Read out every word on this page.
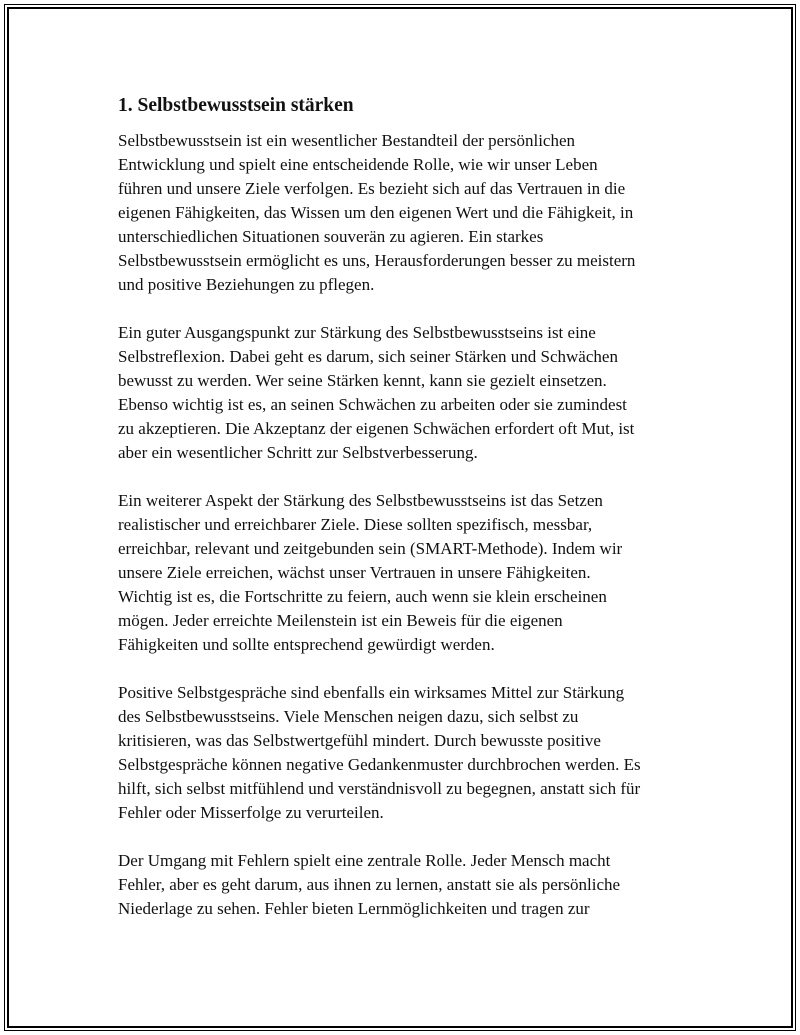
1. Selbstbewusstsein stärken

Selbstbewusstsein ist ein wesentlicher Bestandteil der persönlichen
Entwicklung und spielt eine entscheidende Rolle, wie wir unser Leben
führen und unsere Ziele verfolgen. Es bezieht sich auf das Vertrauen in die
eigenen Fähigkeiten, das Wissen um den eigenen Wert und die Fähigkeit, in
unterschiedlichen Situationen souverän zu agieren. Ein starkes
Selbstbewusstsein ermöglicht es uns, Herausforderungen besser zu meistern
und positive Beziehungen zu pflegen.

Ein guter Ausgangspunkt zur Stärkung des Selbstbewusstseins ist eine
Selbstreflexion. Dabei geht es darum, sich seiner Stärken und Schwächen
bewusst zu werden. Wer seine Stärken kennt, kann sie gezielt einsetzen.
Ebenso wichtig ist es, an seinen Schwächen zu arbeiten oder sie zumindest
zu akzeptieren. Die Akzeptanz der eigenen Schwächen erfordert oft Mut, ist
aber ein wesentlicher Schritt zur Selbstverbesserung.

Ein weiterer Aspekt der Stärkung des Selbstbewusstseins ist das Setzen
realistischer und erreichbarer Ziele. Diese sollten spezifisch, messbar,
erreichbar, relevant und zeitgebunden sein (SMART-Methode). Indem wir
unsere Ziele erreichen, wächst unser Vertrauen in unsere Fähigkeiten.
Wichtig ist es, die Fortschritte zu feiern, auch wenn sie klein erscheinen
mögen. Jeder erreichte Meilenstein ist ein Beweis für die eigenen
Fähigkeiten und sollte entsprechend gewürdigt werden.

Positive Selbstgespräche sind ebenfalls ein wirksames Mittel zur Stärkung
des Selbstbewusstseins. Viele Menschen neigen dazu, sich selbst zu
kritisieren, was das Selbstwertgefühl mindert. Durch bewusste positive
Selbstgespräche können negative Gedankenmuster durchbrochen werden. Es
hilft, sich selbst mitfühlend und verständnisvoll zu begegnen, anstatt sich für
Fehler oder Misserfolge zu verurteilen.

Der Umgang mit Fehlern spielt eine zentrale Rolle. Jeder Mensch macht
Fehler, aber es geht darum, aus ihnen zu lernen, anstatt sie als persönliche
Niederlage zu sehen. Fehler bieten Lernmöglichkeiten und tragen zur
